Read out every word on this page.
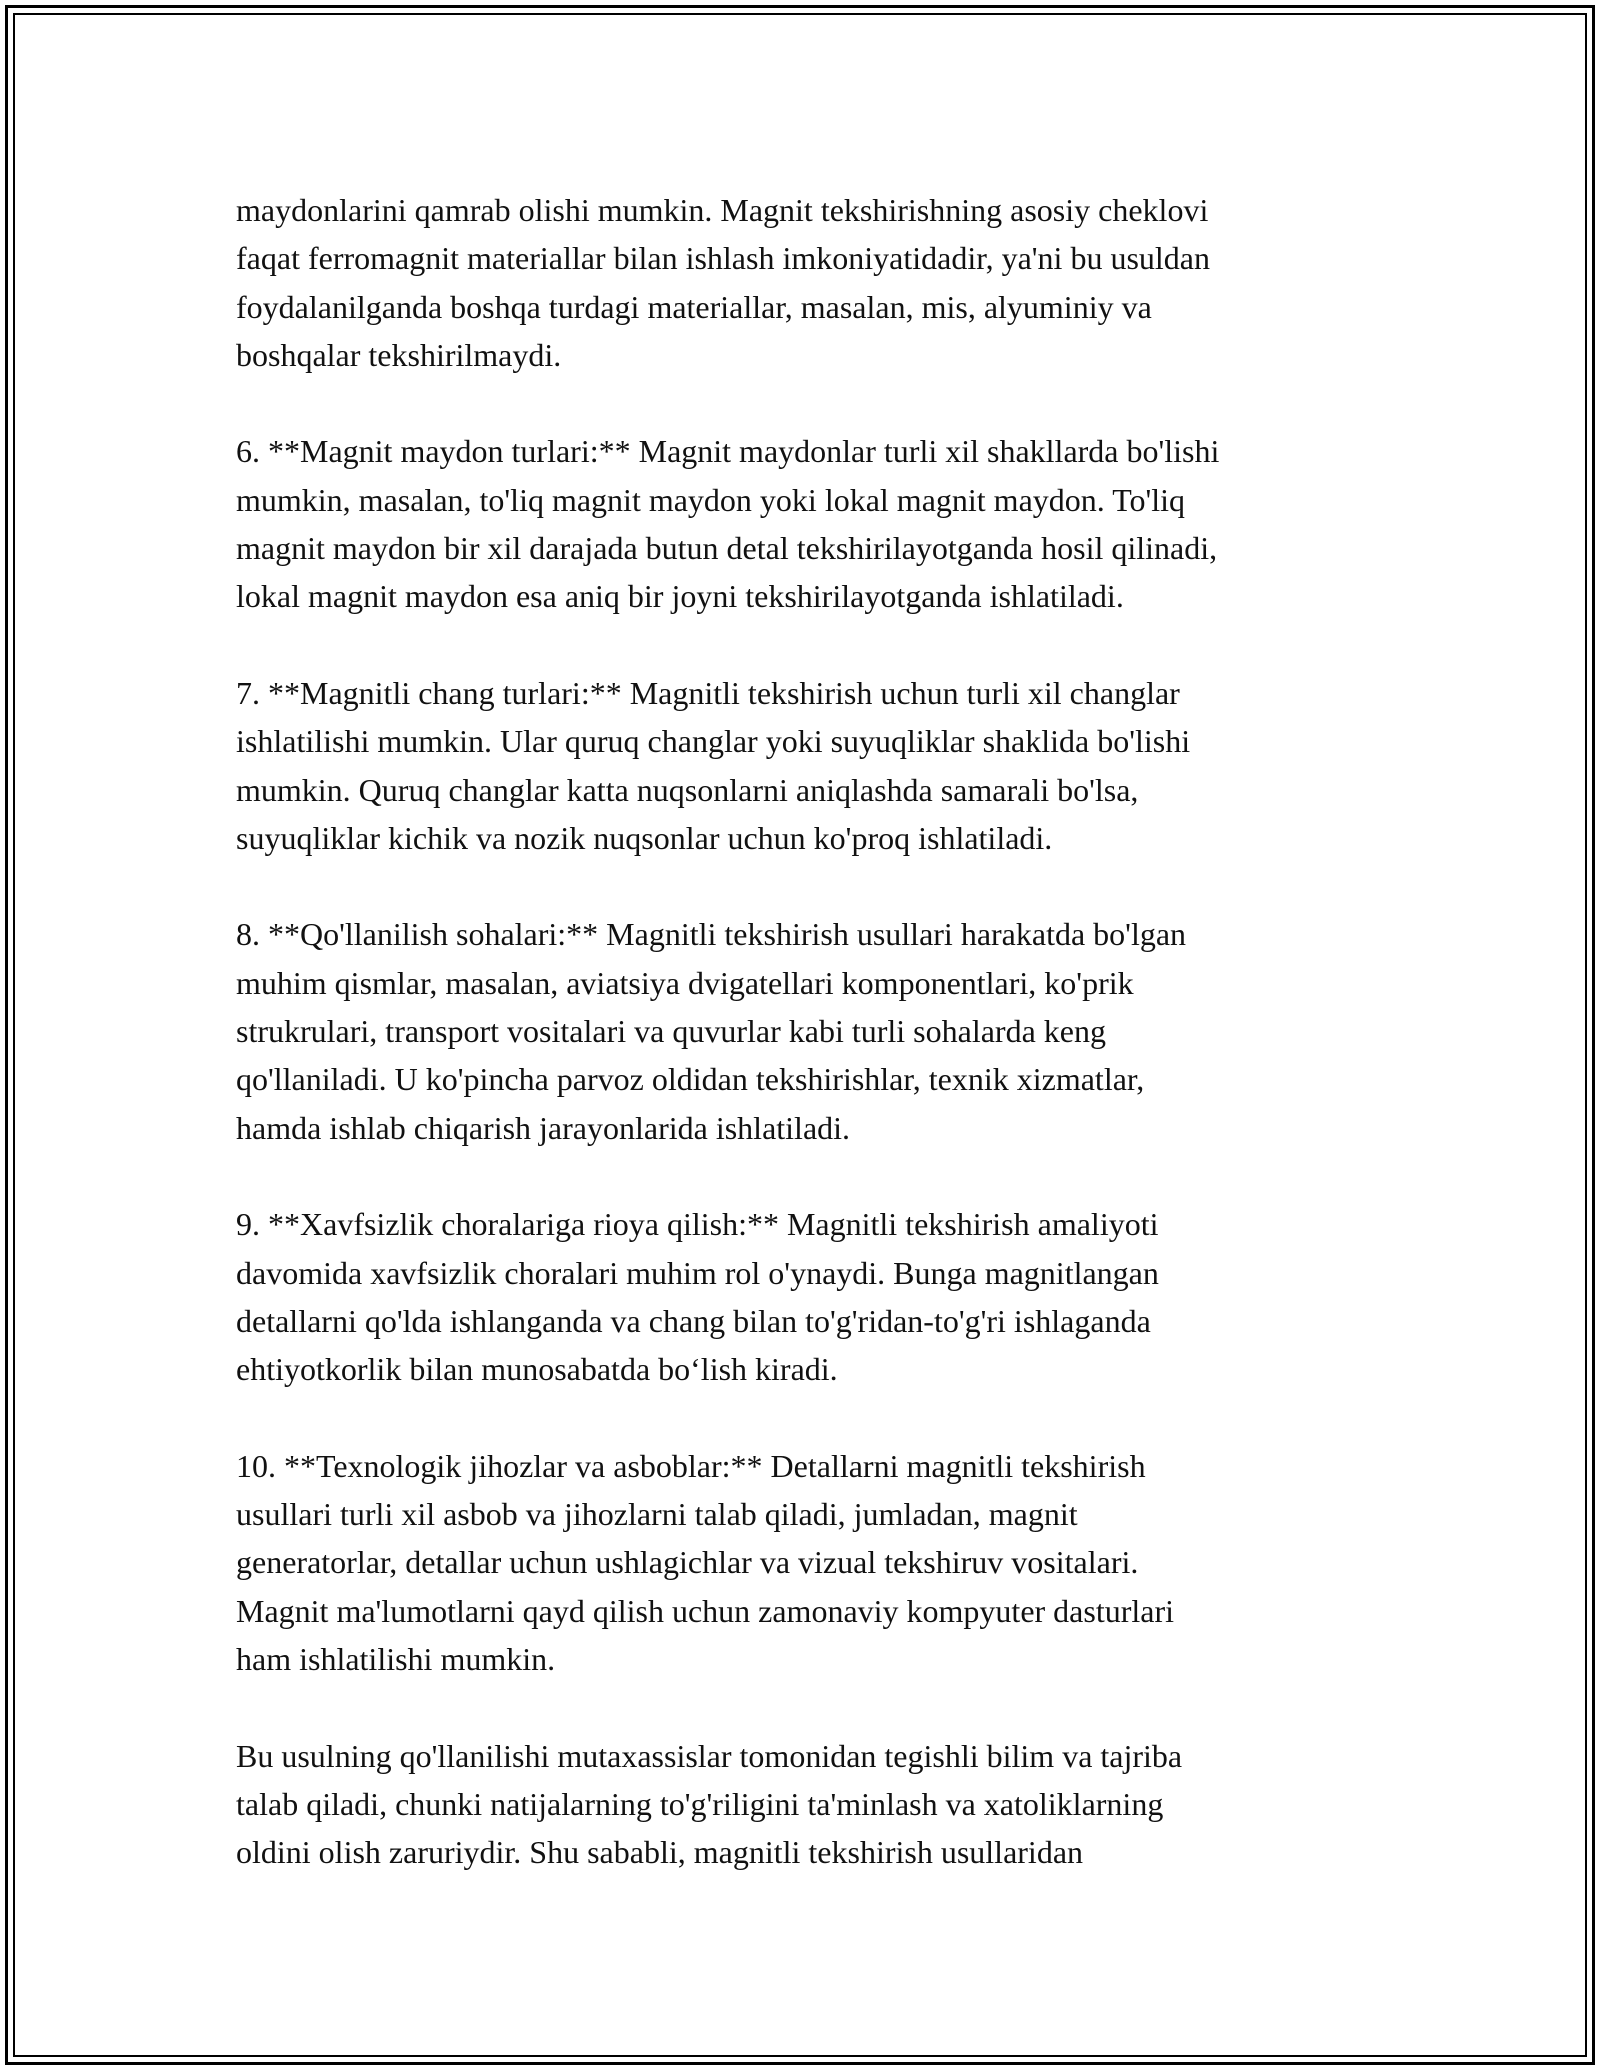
maydonlarini qamrab olishi mumkin. Magnit tekshirishning asosiy cheklovi
faqat ferromagnit materiallar bilan ishlash imkoniyatidadir, ya'ni bu usuldan
foydalanilganda boshqa turdagi materiallar, masalan, mis, alyuminiy va
boshqalar tekshirilmaydi.

6. **Magnit maydon turlari:** Magnit maydonlar turli xil shakllarda bo'lishi
mumkin, masalan, to'liq magnit maydon yoki lokal magnit maydon. To'liq
magnit maydon bir xil darajada butun detal tekshirilayotganda hosil qilinadi,
lokal magnit maydon esa aniq bir joyni tekshirilayotganda ishlatiladi.

7. **Magnitli chang turlari:** Magnitli tekshirish uchun turli xil changlar
ishlatilishi mumkin. Ular quruq changlar yoki suyuqliklar shaklida bo'lishi
mumkin. Quruq changlar katta nuqsonlarni aniqlashda samarali bo'lsa,
suyuqliklar kichik va nozik nuqsonlar uchun ko'proq ishlatiladi.

8. **Qo'llanilish sohalari:** Magnitli tekshirish usullari harakatda bo'lgan
muhim qismlar, masalan, aviatsiya dvigatellari komponentlari, ko'prik
strukrulari, transport vositalari va quvurlar kabi turli sohalarda keng
qo'llaniladi. U ko'pincha parvoz oldidan tekshirishlar, texnik xizmatlar,
hamda ishlab chiqarish jarayonlarida ishlatiladi.

9. **Xavfsizlik choralariga rioya qilish:** Magnitli tekshirish amaliyoti
davomida xavfsizlik choralari muhim rol o'ynaydi. Bunga magnitlangan
detallarni qo'lda ishlanganda va chang bilan to'g'ridan-to'g'ri ishlaganda
ehtiyotkorlik bilan munosabatda bo‘lish kiradi.

10. **Texnologik jihozlar va asboblar:** Detallarni magnitli tekshirish
usullari turli xil asbob va jihozlarni talab qiladi, jumladan, magnit
generatorlar, detallar uchun ushlagichlar va vizual tekshiruv vositalari.
Magnit ma'lumotlarni qayd qilish uchun zamonaviy kompyuter dasturlari
ham ishlatilishi mumkin.

Bu usulning qo'llanilishi mutaxassislar tomonidan tegishli bilim va tajriba
talab qiladi, chunki natijalarning to'g'riligini ta'minlash va xatoliklarning
oldini olish zaruriydir. Shu sababli, magnitli tekshirish usullaridan
